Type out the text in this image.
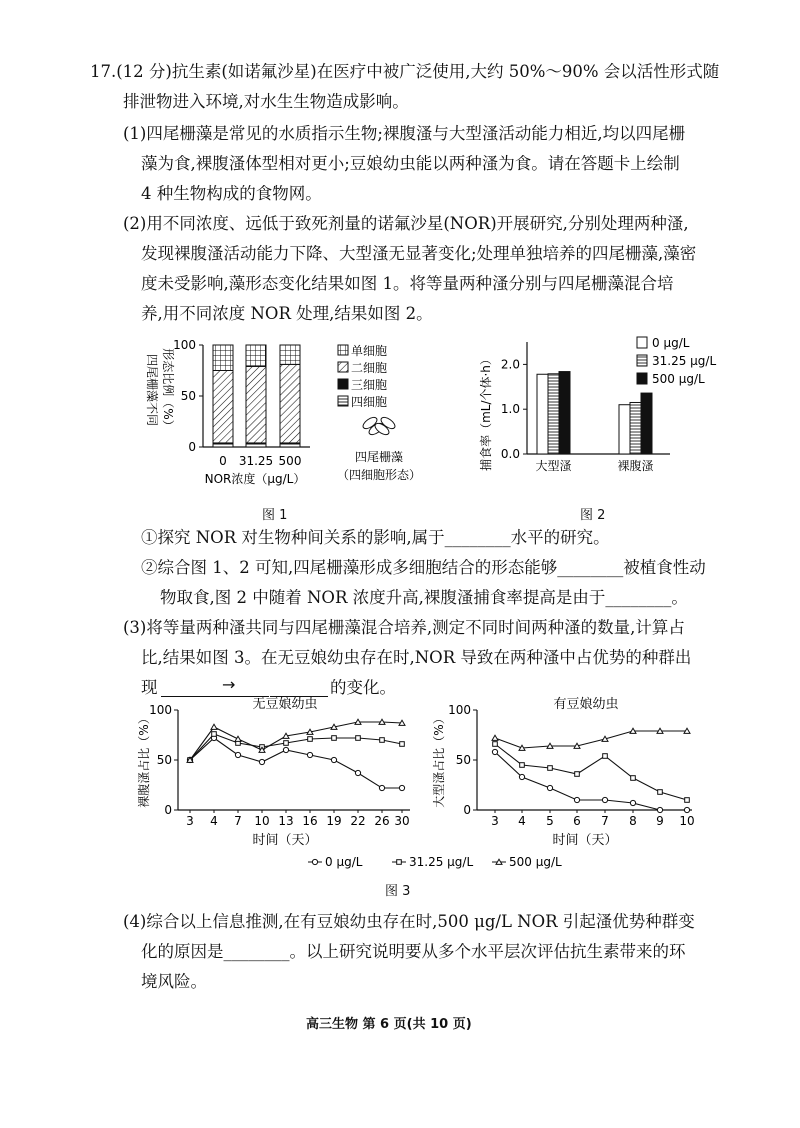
17.(12 分)抗生素(如诺氟沙星)在医疗中被广泛使用,大约 50%～90% 会以活性形式随
排泄物进入环境,对水生生物造成影响。
(1)四尾栅藻是常见的水质指示生物;裸腹溞与大型溞活动能力相近,均以四尾栅
藻为食,裸腹溞体型相对更小;豆娘幼虫能以两种溞为食。请在答题卡上绘制
4 种生物构成的食物网。
(2)用不同浓度、远低于致死剂量的诺氟沙星(NOR)开展研究,分别处理两种溞,
发现裸腹溞活动能力下降、大型溞无显著变化;处理单独培养的四尾栅藻,藻密
度未受影响,藻形态变化结果如图 1。将等量两种溞分别与四尾栅藻混合培
养,用不同浓度 NOR 处理,结果如图 2。
四尾栅藻不同 形态比例（%）
0
50
100
0 31.25 500
NOR浓度（μg/L）
单细胞
二细胞
三细胞
四细胞
四尾栅藻
（四细胞形态）
图 1
捕食率（mL/个体·h） 0.0
1.0
2.0
大型溞	裸腹溞
0 μg/L
31.25 μg/L
500 μg/L
图 2
①探究 NOR 对生物种间关系的影响,属于________水平的研究。
②综合图 1、2 可知,四尾栅藻形成多细胞结合的形态能够________被植食性动
物取食,图 2 中随着 NOR 浓度升高,裸腹溞捕食率提高是由于________。
(3)将等量两种溞共同与四尾栅藻混合培养,测定不同时间两种溞的数量,计算占
比,结果如图 3。在无豆娘幼虫存在时,NOR 导致在两种溞中占优势的种群出
现	→	的变化。
无豆娘幼虫	有豆娘幼虫
裸腹溞占比（%）	大型溞占比（%）
0
50
100
3 4 7 10 13 16 19 22 26 30
0
50
100
3 4 5 6 7 8 9 10
时间（天）	时间（天）
0 μg/L	31.25 μg/L	500 μg/L
图 3
(4)综合以上信息推测,在有豆娘幼虫存在时,500 μg/L NOR 引起溞优势种群变
化的原因是________。以上研究说明要从多个水平层次评估抗生素带来的环
境风险。
高三生物 第 6 页(共 10 页)
